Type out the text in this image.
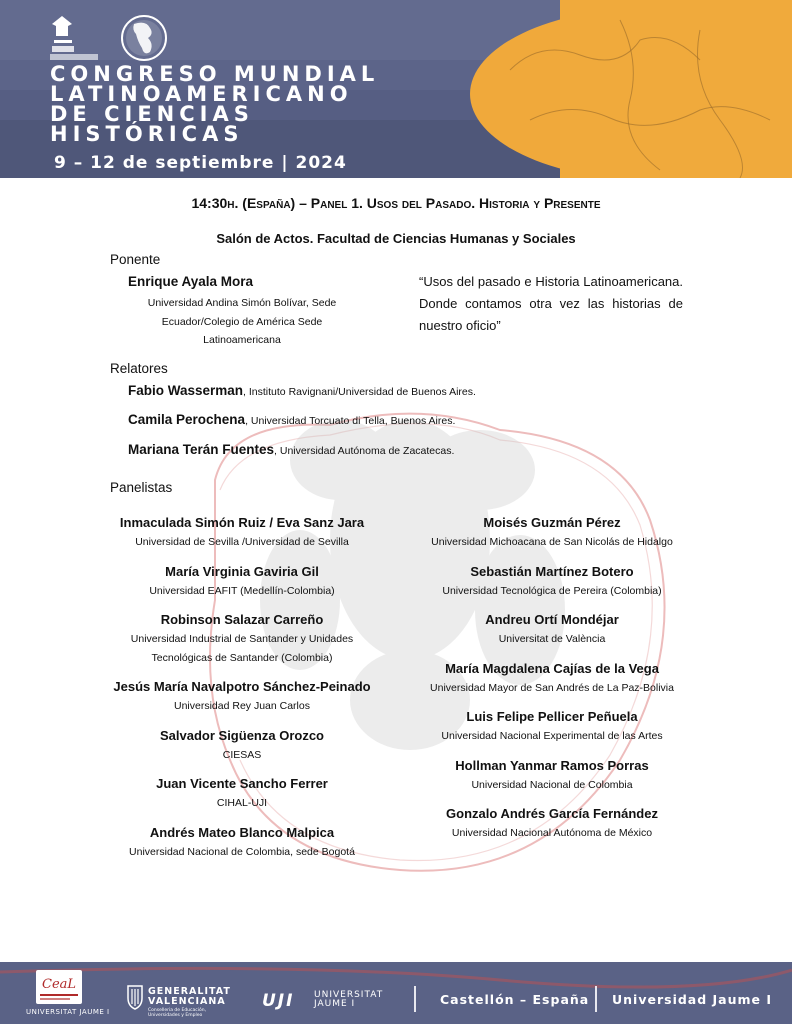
CONGRESO MUNDIAL
LATINOAMERICANO
DE CIENCIAS
HISTÓRICAS
9 – 12 de septiembre | 2024
14:30h. (España) – Panel 1. Usos del Pasado. Historia y Presente
Salón de Actos. Facultad de Ciencias Humanas y Sociales
Ponente
Enrique Ayala Mora
Universidad Andina Simón Bolívar, Sede Ecuador/Colegio de América Sede Latinoamericana
“Usos del pasado e Historia Latinoamericana. Donde contamos otra vez las historias de nuestro oficio”
Relatores
Fabio Wasserman, Instituto Ravignani/Universidad de Buenos Aires.
Camila Perochena, Universidad Torcuato di Tella, Buenos Aires.
Mariana Terán Fuentes, Universidad Autónoma de Zacatecas.
Panelistas
Inmaculada Simón Ruiz / Eva Sanz Jara
Universidad de Sevilla /Universidad de Sevilla
María Virginia Gaviria Gil
Universidad EAFIT (Medellín-Colombia)
Robinson Salazar Carreño
Universidad Industrial de Santander y Unidades Tecnológicas de Santander (Colombia)
Jesús María Navalpotro Sánchez-Peinado
Universidad Rey Juan Carlos
Salvador Sigüenza Orozco
CIESAS
Juan Vicente Sancho Ferrer
CIHAL-UJI
Andrés Mateo Blanco Malpica
Universidad Nacional de Colombia, sede Bogotá
Moisés Guzmán Pérez
Universidad Michoacana de San Nicolás de Hidalgo
Sebastián Martínez Botero
Universidad Tecnológica de Pereira (Colombia)
Andreu Ortí Mondéjar
Universitat de València
María Magdalena Cajías de la Vega
Universidad Mayor de San Andrés de La Paz-Bolivia
Luis Felipe Pellicer Peñuela
Universidad Nacional Experimental de las Artes
Hollman Yanmar Ramos Porras
Universidad Nacional de Colombia
Gonzalo Andrés García Fernández
Universidad Nacional Autónoma de México
CeaL
UNIVERSITAT JAUME I
GENERALITAT VALENCIANA
Conselleria de Educación, Universidades y Empleo
UJI UNIVERSITAT JAUME I	Castellón – España Universidad Jaume I
